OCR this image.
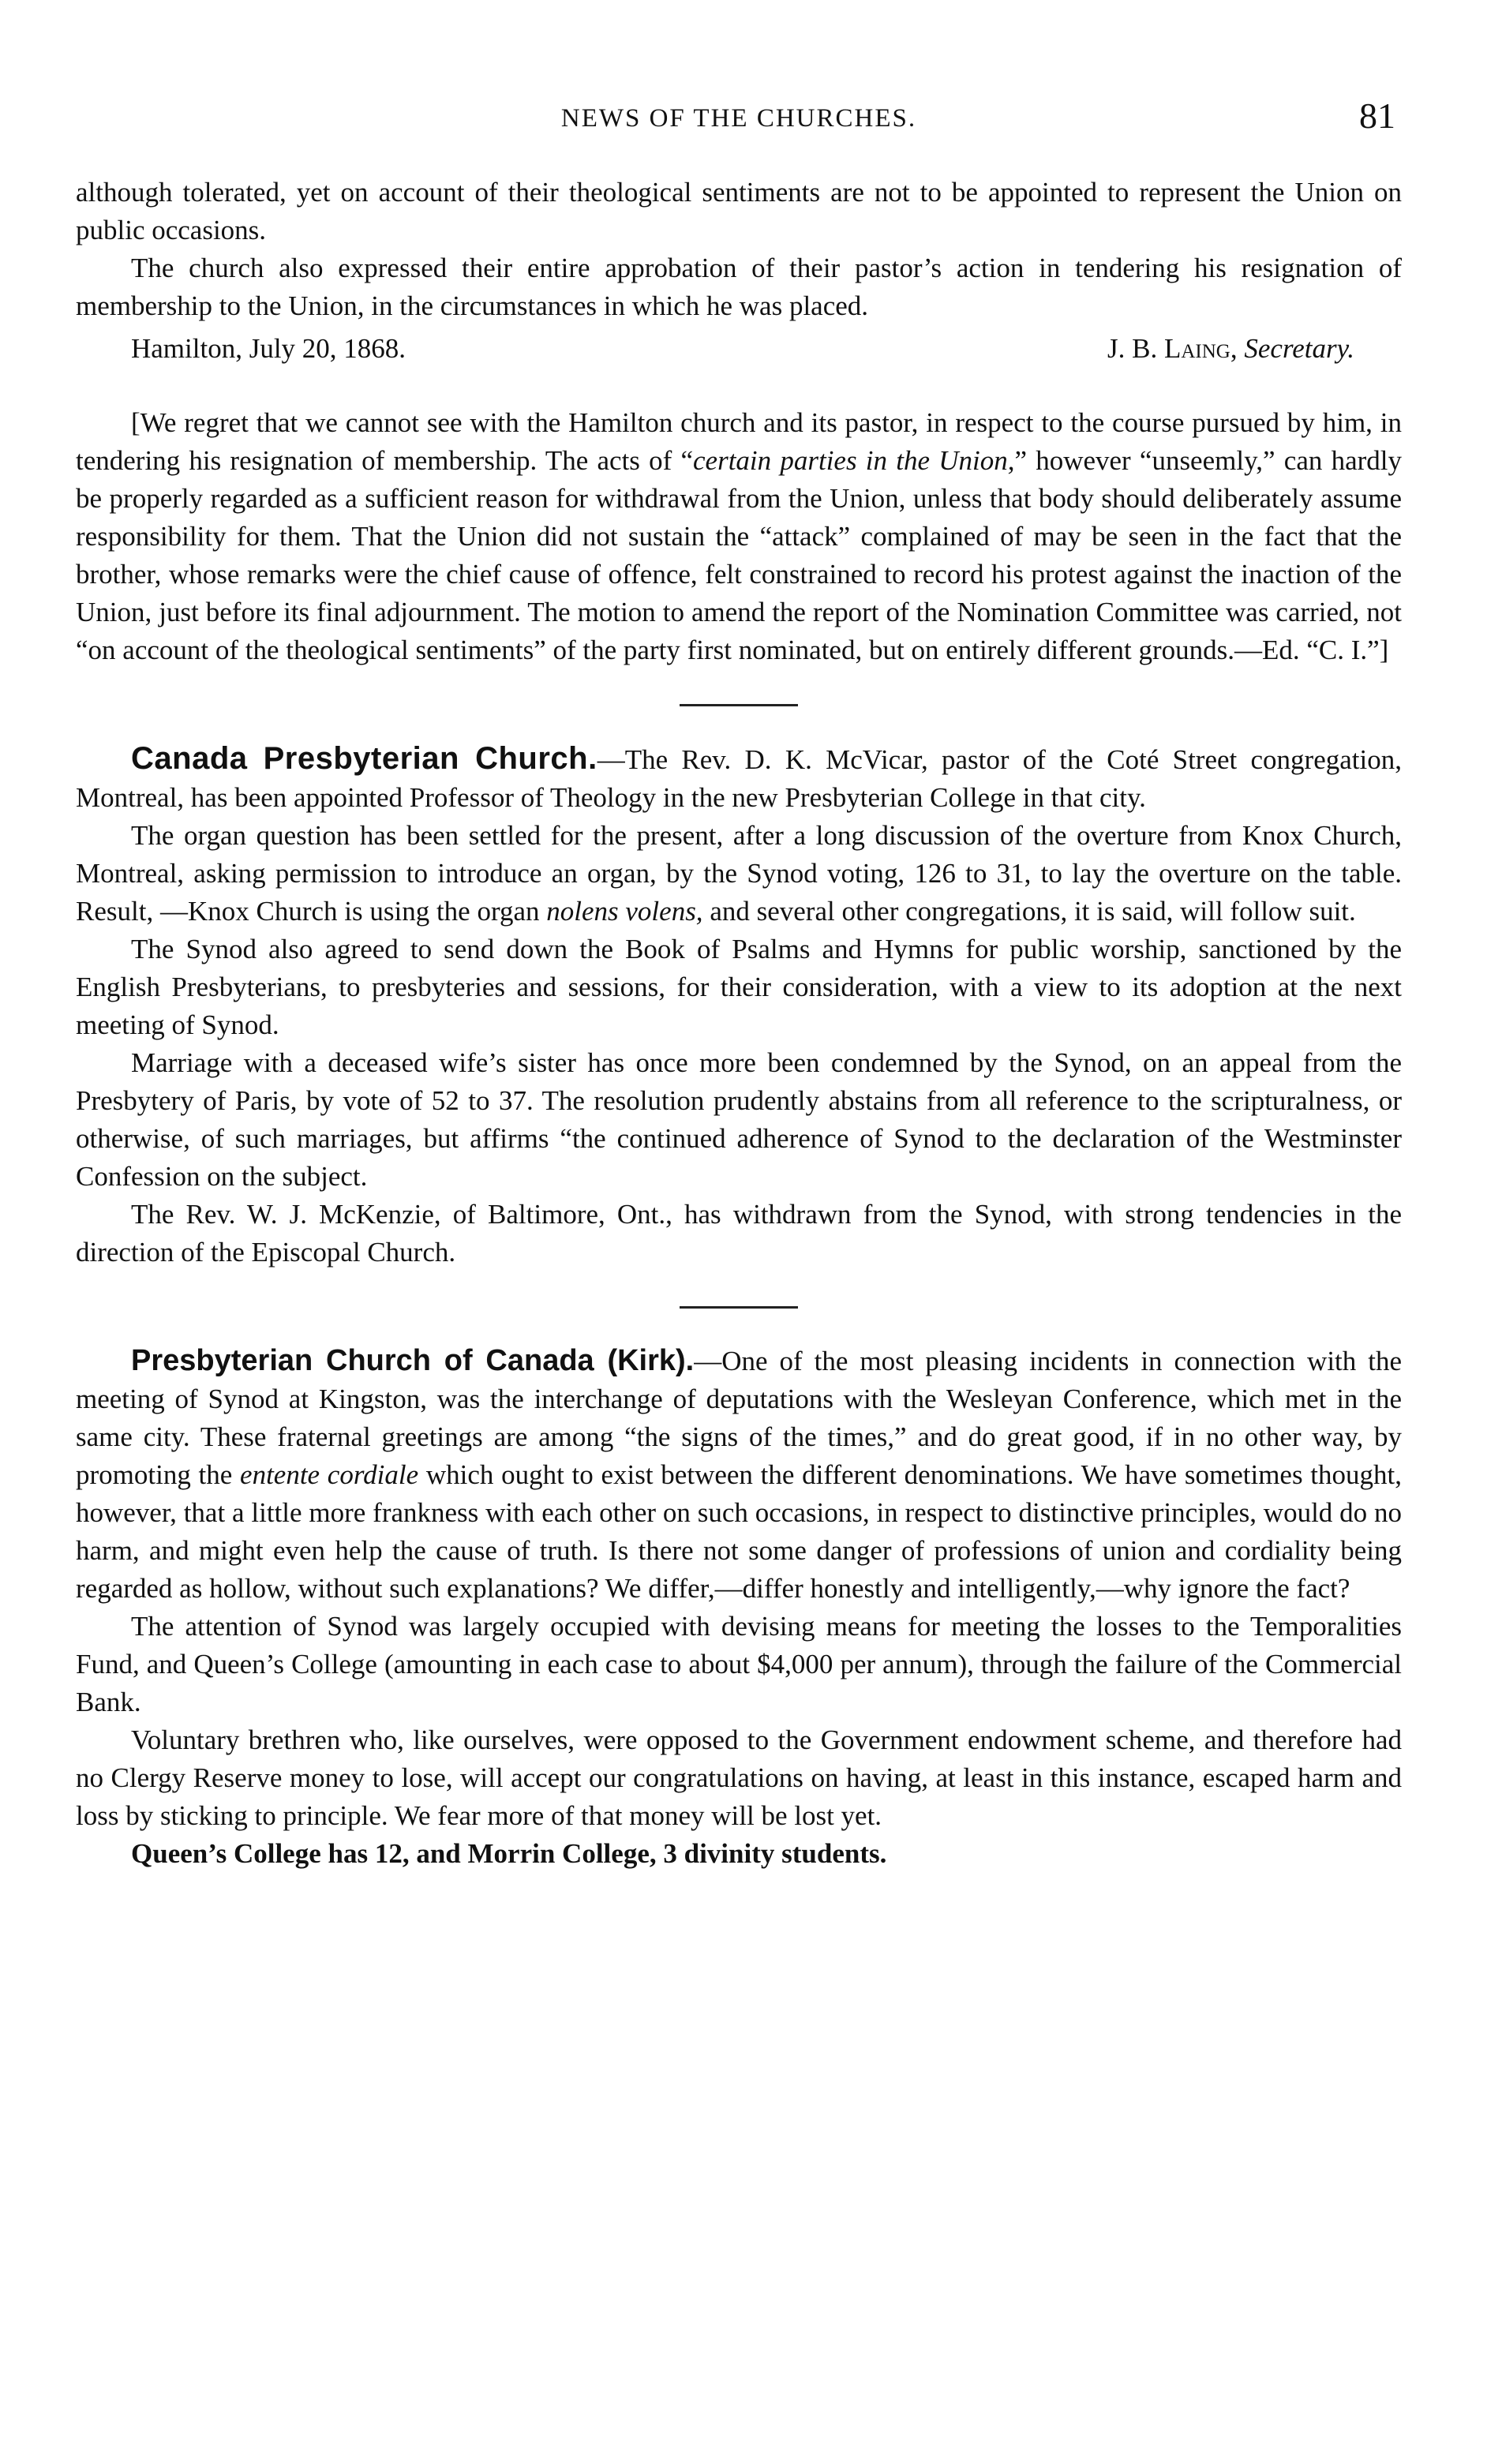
NEWS OF THE CHURCHES.	81

although tolerated, yet on account of their theological sentiments are not to be appointed to represent the Union on public occasions.

The church also expressed their entire approbation of their pastor’s action in tendering his resignation of membership to the Union, in the circumstances in which he was placed.

Hamilton, July 20, 1868.	J. B. Laing, Secretary.

[We regret that we cannot see with the Hamilton church and its pastor, in respect to the course pursued by him, in tendering his resignation of membership. The acts of “certain parties in the Union,” however “unseemly,” can hardly be properly regarded as a sufficient reason for withdrawal from the Union, unless that body should deliberately assume responsibility for them. That the Union did not sustain the “attack” complained of may be seen in the fact that the brother, whose remarks were the chief cause of offence, felt constrained to record his protest against the inaction of the Union, just before its final adjournment. The motion to amend the report of the Nomination Committee was carried, not “on account of the theological sentiments” of the party first nominated, but on entirely different grounds.—Ed. “C. I.”]

Canada Presbyterian Church.—The Rev. D. K. McVicar, pastor of the Coté Street congregation, Montreal, has been appointed Professor of Theology in the new Presbyterian College in that city.

The organ question has been settled for the present, after a long discussion of the overture from Knox Church, Montreal, asking permission to introduce an organ, by the Synod voting, 126 to 31, to lay the overture on the table. Result, —Knox Church is using the organ nolens volens, and several other congregations, it is said, will follow suit.

The Synod also agreed to send down the Book of Psalms and Hymns for public worship, sanctioned by the English Presbyterians, to presbyteries and sessions, for their consideration, with a view to its adoption at the next meeting of Synod.

Marriage with a deceased wife’s sister has once more been condemned by the Synod, on an appeal from the Presbytery of Paris, by vote of 52 to 37. The resolution prudently abstains from all reference to the scripturalness, or otherwise, of such marriages, but affirms “the continued adherence of Synod to the declaration of the Westminster Confession on the subject.

The Rev. W. J. McKenzie, of Baltimore, Ont., has withdrawn from the Synod, with strong tendencies in the direction of the Episcopal Church.

Presbyterian Church of Canada (Kirk).—One of the most pleasing incidents in connection with the meeting of Synod at Kingston, was the interchange of deputations with the Wesleyan Conference, which met in the same city. These fraternal greetings are among “the signs of the times,” and do great good, if in no other way, by promoting the entente cordiale which ought to exist between the different denominations. We have sometimes thought, however, that a little more frankness with each other on such occasions, in respect to distinctive principles, would do no harm, and might even help the cause of truth. Is there not some danger of professions of union and cordiality being regarded as hollow, without such explanations? We differ,—differ honestly and intelligently,—why ignore the fact?

The attention of Synod was largely occupied with devising means for meeting the losses to the Temporalities Fund, and Queen’s College (amounting in each case to about $4,000 per annum), through the failure of the Commercial Bank.

Voluntary brethren who, like ourselves, were opposed to the Government endowment scheme, and therefore had no Clergy Reserve money to lose, will accept our congratulations on having, at least in this instance, escaped harm and loss by sticking to principle. We fear more of that money will be lost yet.

Queen’s College has 12, and Morrin College, 3 divinity students.
